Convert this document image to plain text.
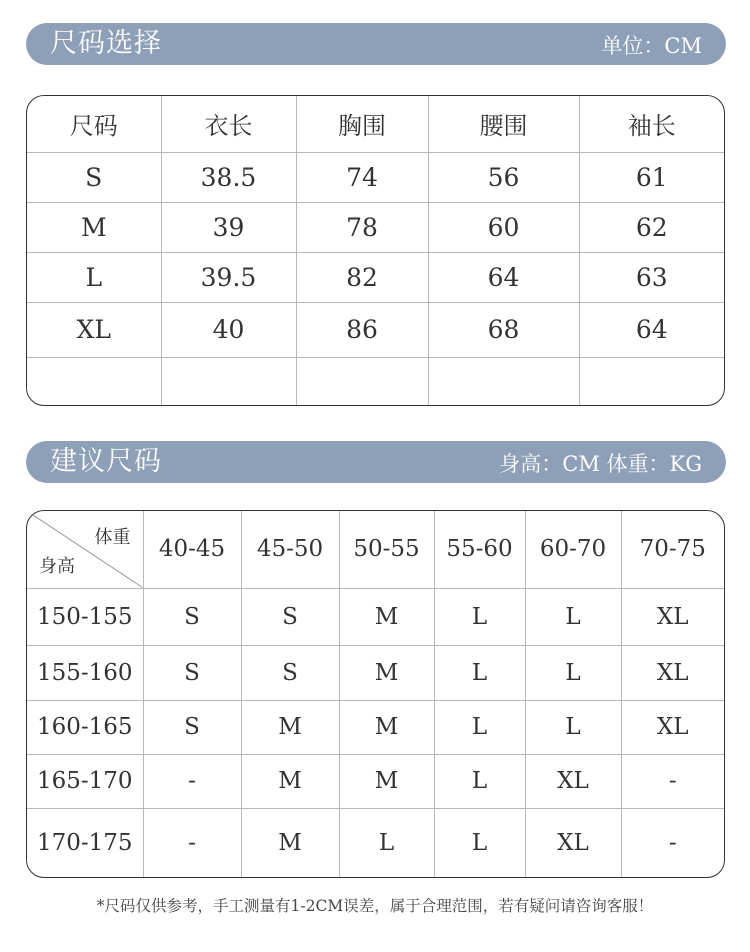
尺码选择	单位：CM
尺码	衣长	胸围	腰围	袖长
S	38.5	74	56	61
M	39	78	60	62
L	39.5	82	64	63
XL	40	86	68	64

建议尺码	身高：CM 体重：KG
体重
身高	40-45	45-50	50-55	55-60	60-70	70-75
150-155	S	S	M	L	L	XL
155-160	S	S	M	L	L	XL
160-165	S	M	M	L	L	XL
165-170	-	M	M	L	XL	-
170-175	-	M	L	L	XL	-
*尺码仅供参考，手工测量有1-2CM误差，属于合理范围，若有疑问请咨询客服！
